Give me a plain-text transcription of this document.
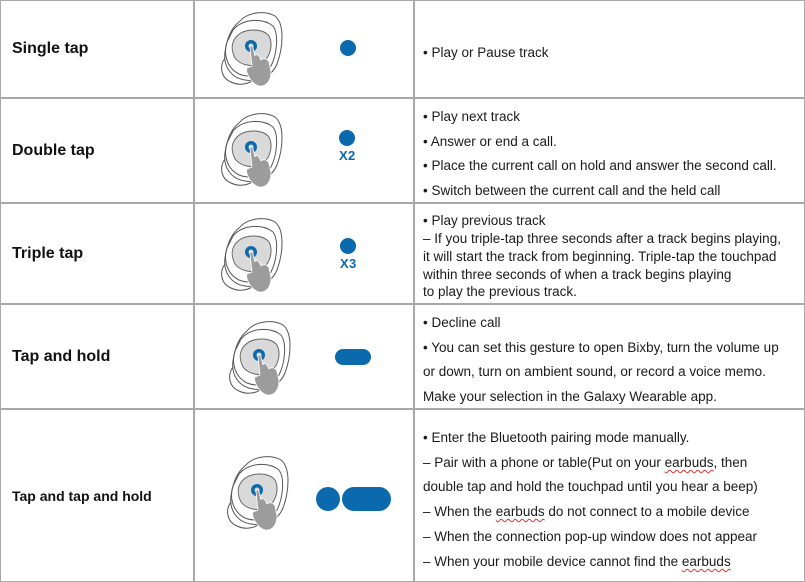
Single tap	• Play or Pause track
Double tap	X2
• Play next track
• Answer or end a call.
• Place the current call on hold and answer the second call.
• Switch between the current call and the held call
Triple tap
X3
• Play previous track
– If you triple-tap three seconds after a track begins playing,
it will start the track from beginning. Triple-tap the touchpad
within three seconds of when a track begins playing
to play the previous track.
Tap and hold
• Decline call
• You can set this gesture to open Bixby, turn the volume up
or down, turn on ambient sound, or record a voice memo.
Make your selection in the Galaxy Wearable app.
Tap and tap and hold
• Enter the Bluetooth pairing mode manually.
– Pair with a phone or table(Put on your earbuds, then
double tap and hold the touchpad until you hear a beep)
– When the earbuds do not connect to a mobile device
– When the connection pop-up window does not appear
– When your mobile device cannot find the earbuds
